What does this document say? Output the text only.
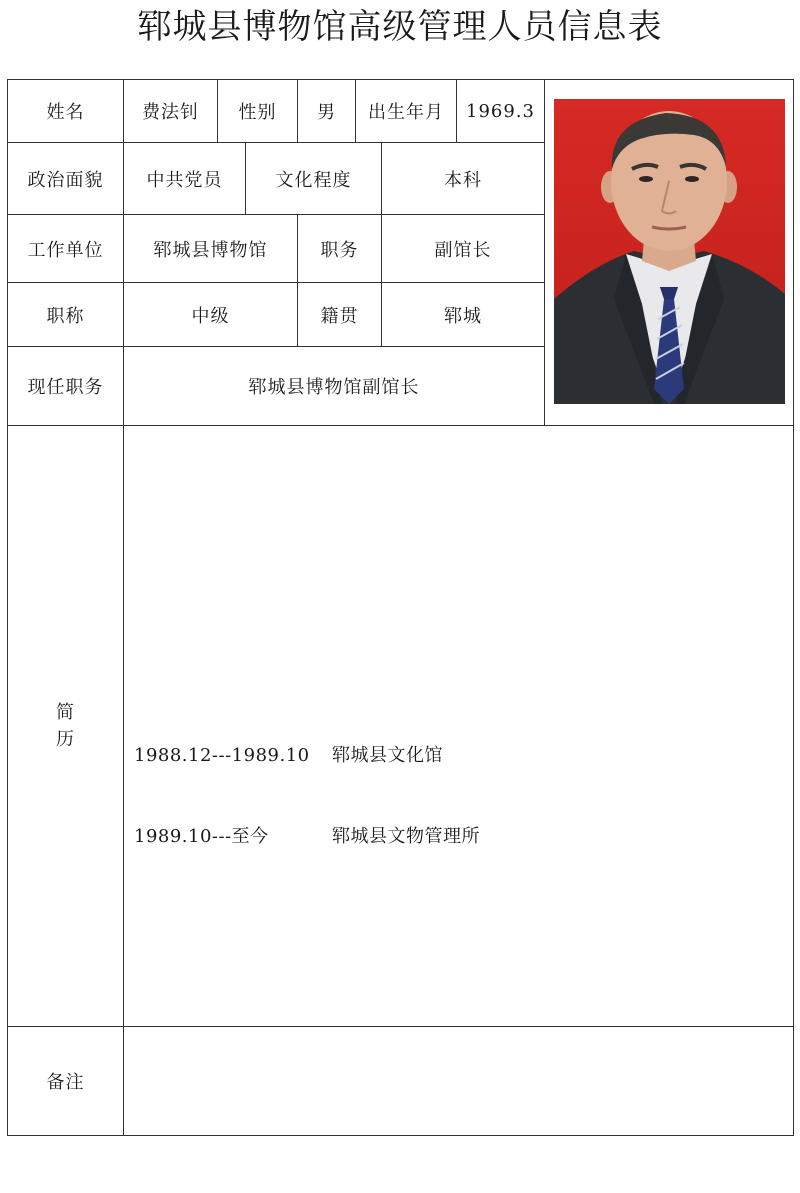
郓城县博物馆高级管理人员信息表
姓名	费法钊	性别	男	出生年月	1969.3
政治面貌	中共党员	文化程度	本科
工作单位	郓城县博物馆	职务	副馆长
职称	中级	籍贯	郓城
现任职务	郓城县博物馆副馆长
简
历

1988.12---1989.10 郓城县文化馆

1989.10---至今	郓城县文物管理所

备注
